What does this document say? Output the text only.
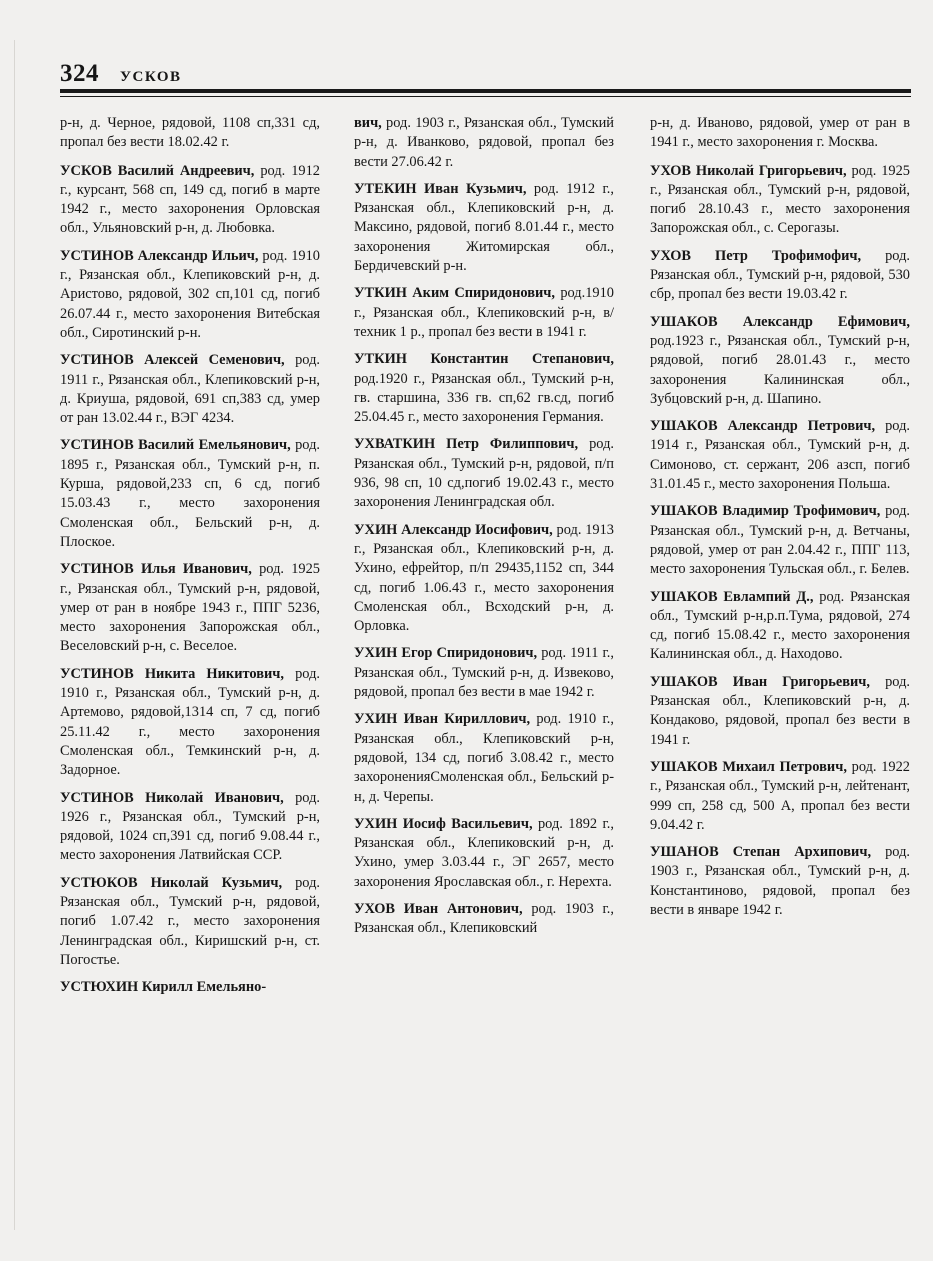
324 УСКОВ

р-н, д. Черное, рядовой, 1108 сп,331 сд, пропал без вести 18.02.42 г.

УСКОВ Василий Андреевич, род. 1912 г., курсант, 568 сп, 149 сд, погиб в марте 1942 г., место захоронения Орловская обл., Ульяновский р-н, д. Любовка.

УСТИНОВ Александр Ильич, род. 1910 г., Рязанская обл., Клепиковский р-н, д. Аристово, рядовой, 302 сп,101 сд, погиб 26.07.44 г., место захоронения Витебская обл., Сиротинский р-н.

УСТИНОВ Алексей Семенович, род. 1911 г., Рязанская обл., Клепиковский р-н, д. Криуша, рядовой, 691 сп,383 сд, умер от ран 13.02.44 г., ВЭГ 4234.

УСТИНОВ Василий Емельянович, род. 1895 г., Рязанская обл., Тумский р-н, п. Курша, рядовой,233 сп, 6 сд, погиб 15.03.43 г., место захоронения Смоленская обл., Бельский р-н, д. Плоское.

УСТИНОВ Илья Иванович, род. 1925 г., Рязанская обл., Тумский р-н, рядовой, умер от ран в ноябре 1943 г., ППГ 5236, место захоронения Запорожская обл., Веселовский р-н, с. Веселое.

УСТИНОВ Никита Никитович, род. 1910 г., Рязанская обл., Тумский р-н, д. Артемово, рядовой,1314 сп, 7 сд, погиб 25.11.42 г., место захоронения Смоленская обл., Темкинский р-н, д. Задорное.

УСТИНОВ Николай Иванович, род. 1926 г., Рязанская обл., Тумский р-н, рядовой, 1024 сп,391 сд, погиб 9.08.44 г., место захоронения Латвийская ССР.

УСТЮКОВ Николай Кузьмич, род. Рязанская обл., Тумский р-н, рядовой, погиб 1.07.42 г., место захоронения Ленинградская обл., Киришский р-н, ст. Погостье.

УСТЮХИН Кирилл Емельяно-

вич, род. 1903 г., Рязанская обл., Тумский р-н, д. Иванково, рядовой, пропал без вести 27.06.42 г.

УТЕКИН Иван Кузьмич, род. 1912 г., Рязанская обл., Клепиковский р-н, д. Максино, рядовой, погиб 8.01.44 г., место захоронения Житомирская обл., Бердичевский р-н.

УТКИН Аким Спиридонович, род.1910 г., Рязанская обл., Клепиковский р-н, в/техник 1 р., пропал без вести в 1941 г.

УТКИН Константин Степанович, род.1920 г., Рязанская обл., Тумский р-н, гв. старшина, 336 гв. сп,62 гв.сд, погиб 25.04.45 г., место захоронения Германия.

УХВАТКИН Петр Филиппович, род. Рязанская обл., Тумский р-н, рядовой, п/п 936, 98 сп, 10 сд,погиб 19.02.43 г., место захоронения Ленинградская обл.

УХИН Александр Иосифович, род. 1913 г., Рязанская обл., Клепиковский р-н, д. Ухино, ефрейтор, п/п 29435,1152 сп, 344 сд, погиб 1.06.43 г., место захоронения Смоленская обл., Всходский р-н, д. Орловка.

УХИН Егор Спиридонович, род. 1911 г., Рязанская обл., Тумский р-н, д. Извеково, рядовой, пропал без вести в мае 1942 г.

УХИН Иван Кириллович, род. 1910 г., Рязанская обл., Клепиковский р-н, рядовой, 134 сд, погиб 3.08.42 г., место захороненияСмоленская обл., Бельский р-н, д. Черепы.

УХИН Иосиф Васильевич, род. 1892 г., Рязанская обл., Клепиковский р-н, д. Ухино, умер 3.03.44 г., ЭГ 2657, место захоронения Ярославская обл., г. Нерехта.

УХОВ Иван Антонович, род. 1903 г., Рязанская обл., Клепиковский

р-н, д. Иваново, рядовой, умер от ран в 1941 г., место захоронения г. Москва.

УХОВ Николай Григорьевич, род. 1925 г., Рязанская обл., Тумский р-н, рядовой, погиб 28.10.43 г., место захоронения Запорожская обл., с. Серогазы.

УХОВ Петр Трофимофич, род. Рязанская обл., Тумский р-н, рядовой, 530 сбр, пропал без вести 19.03.42 г.

УШАКОВ Александр Ефимович, род.1923 г., Рязанская обл., Тумский р-н, рядовой, погиб 28.01.43 г., место захоронения Калининская обл., Зубцовский р-н, д. Шапино.

УШАКОВ Александр Петрович, род. 1914 г., Рязанская обл., Тумский р-н, д. Симоново, ст. сержант, 206 азсп, погиб 31.01.45 г., место захоронения Польша.

УШАКОВ Владимир Трофимович, род. Рязанская обл., Тумский р-н, д. Ветчаны, рядовой, умер от ран 2.04.42 г., ППГ 113, место захоронения Тульская обл., г. Белев.

УШАКОВ Евлампий Д., род. Рязанская обл., Тумский р-н,р.п.Тума, рядовой, 274 сд, погиб 15.08.42 г., место захоронения Калининская обл., д. Находово.

УШАКОВ Иван Григорьевич, род. Рязанская обл., Клепиковский р-н, д. Кондаково, рядовой, пропал без вести в 1941 г.

УШАКОВ Михаил Петрович, род. 1922 г., Рязанская обл., Тумский р-н, лейтенант, 999 сп, 258 сд, 500 А, пропал без вести 9.04.42 г.

УШАНОВ Степан Архипович, род. 1903 г., Рязанская обл., Тумский р-н, д. Константиново, рядовой, пропал без вести в январе 1942 г.
